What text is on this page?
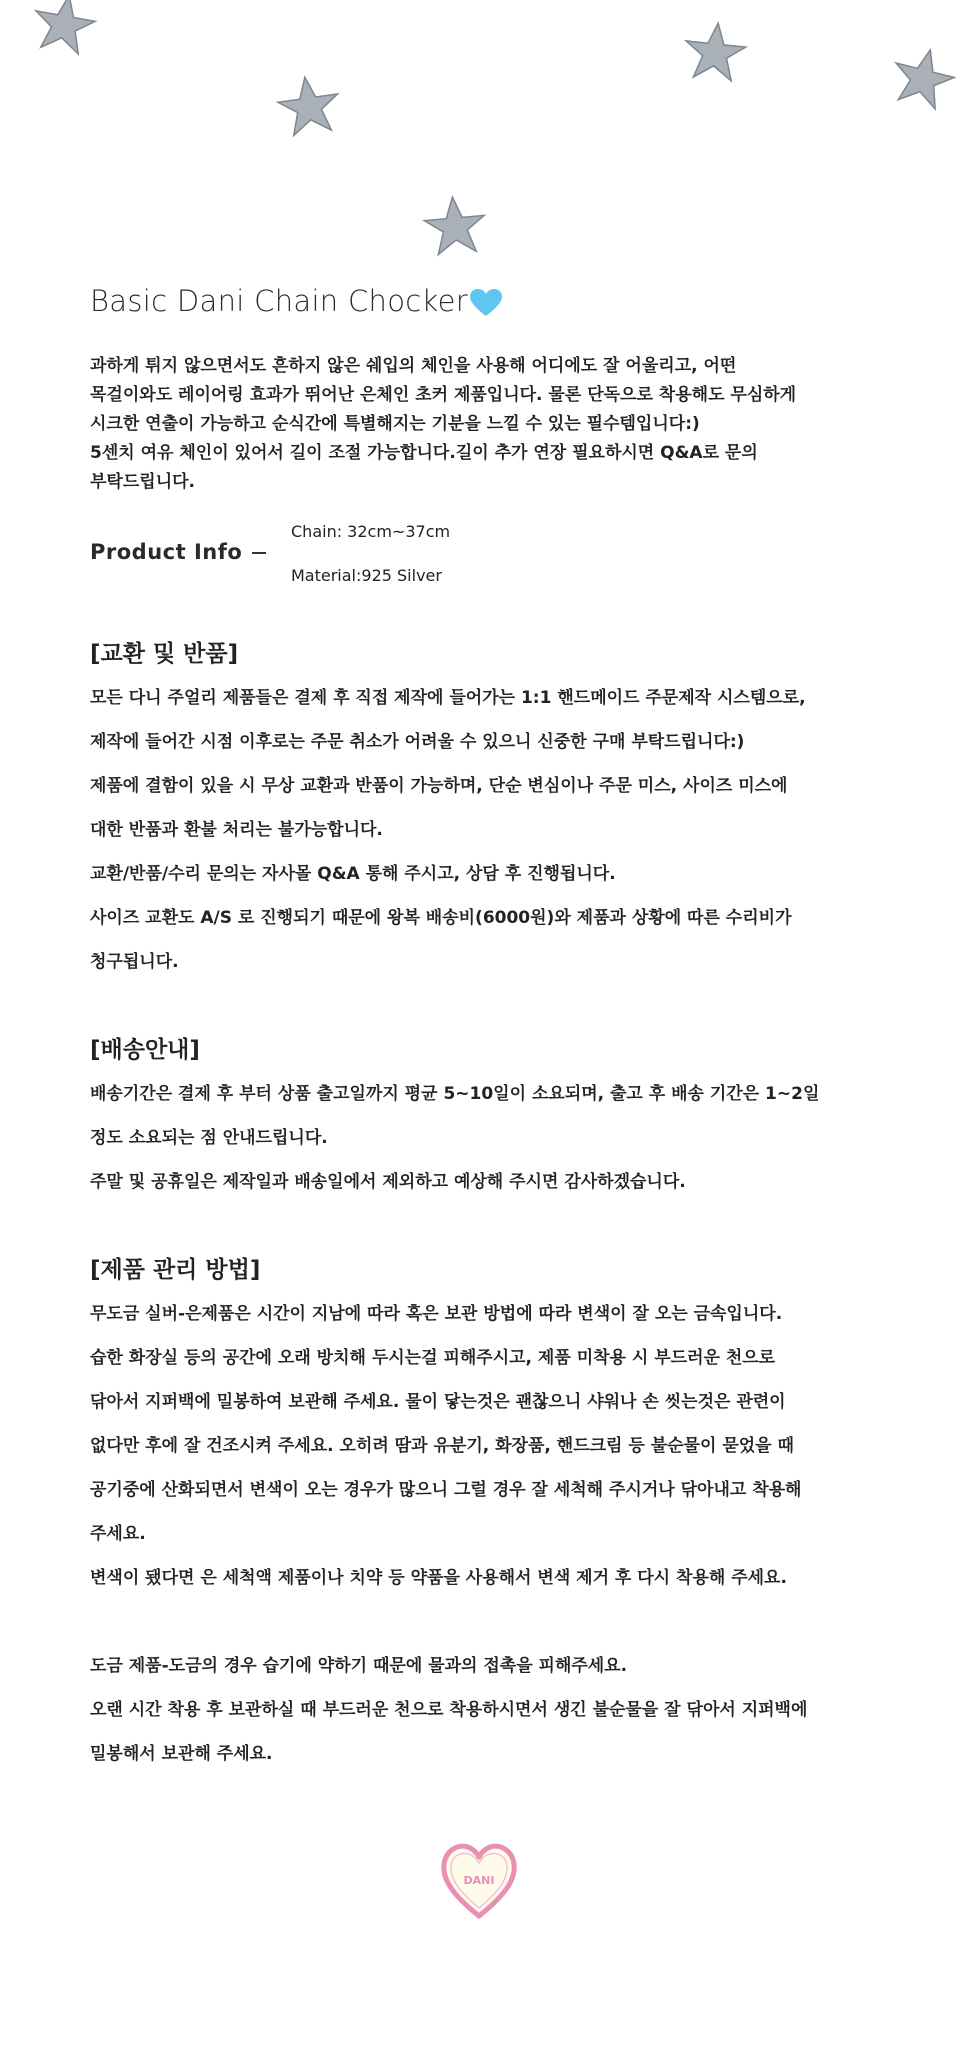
Basic Dani Chain Chocker

과하게 튀지 않으면서도 흔하지 않은 쉐입의 체인을 사용해 어디에도 잘 어울리고, 어떤

목걸이와도 레이어링 효과가 뛰어난 은체인 초커 제품입니다. 물론 단독으로 착용해도 무심하게

시크한 연출이 가능하고 순식간에 특별해지는 기분을 느낄 수 있는 필수템입니다:)

5센치 여유 체인이 있어서 길이 조절 가능합니다.길이 추가 연장 필요하시면 Q&A로 문의

부탁드립니다.

Product Info
Chain: 32cm~37cm
Material:925 Silver
[교환 및 반품]
모든 다니 주얼리 제품들은 결제 후 직접 제작에 들어가는 1:1 핸드메이드 주문제작 시스템으로,
제작에 들어간 시점 이후로는 주문 취소가 어려울 수 있으니 신중한 구매 부탁드립니다:)
제품에 결함이 있을 시 무상 교환과 반품이 가능하며, 단순 변심이나 주문 미스, 사이즈 미스에
대한 반품과 환불 처리는 불가능합니다.
교환/반품/수리 문의는 자사몰 Q&A 통해 주시고, 상담 후 진행됩니다.
사이즈 교환도 A/S 로 진행되기 때문에 왕복 배송비(6000원)와 제품과 상황에 따른 수리비가
청구됩니다.
[배송안내]
배송기간은 결제 후 부터 상품 출고일까지 평균 5~10일이 소요되며, 출고 후 배송 기간은 1~2일
정도 소요되는 점 안내드립니다.
주말 및 공휴일은 제작일과 배송일에서 제외하고 예상해 주시면 감사하겠습니다.
[제품 관리 방법]
무도금 실버-은제품은 시간이 지남에 따라 혹은 보관 방법에 따라 변색이 잘 오는 금속입니다.
습한 화장실 등의 공간에 오래 방치해 두시는걸 피해주시고, 제품 미착용 시 부드러운 천으로
닦아서 지퍼백에 밀봉하여 보관해 주세요. 물이 닿는것은 괜찮으니 샤워나 손 씻는것은 관련이
없다만 후에 잘 건조시켜 주세요. 오히려 땀과 유분기, 화장품, 핸드크림 등 불순물이 묻었을 때
공기중에 산화되면서 변색이 오는 경우가 많으니 그럴 경우 잘 세척해 주시거나 닦아내고 착용해
주세요.
변색이 됐다면 은 세척액 제품이나 치약 등 약품을 사용해서 변색 제거 후 다시 착용해 주세요.
도금 제품-도금의 경우 습기에 약하기 때문에 물과의 접촉을 피해주세요.
오랜 시간 착용 후 보관하실 때 부드러운 천으로 착용하시면서 생긴 불순물을 잘 닦아서 지퍼백에
밀봉해서 보관해 주세요.
DANI
